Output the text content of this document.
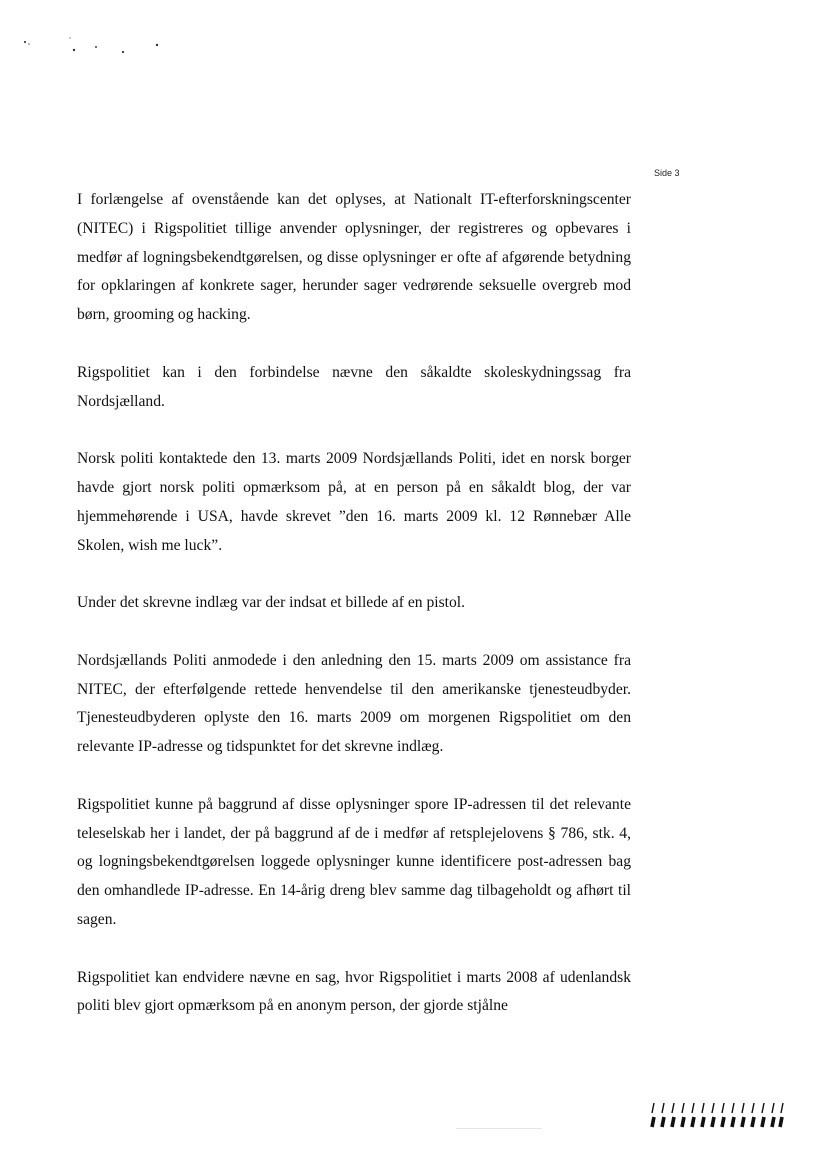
Side 3

I forlængelse af ovenstående kan det oplyses, at Nationalt IT-efterforskningscenter (NITEC) i Rigspolitiet tillige anvender oplysninger, der registreres og opbevares i medfør af logningsbekendtgørelsen, og disse oplysninger er ofte af afgørende betydning for opklaringen af konkrete sager, herunder sager vedrørende seksuelle overgreb mod børn, grooming og hacking.

Rigspolitiet kan i den forbindelse nævne den såkaldte skoleskydningssag fra Nordsjælland.

Norsk politi kontaktede den 13. marts 2009 Nordsjællands Politi, idet en norsk borger havde gjort norsk politi opmærksom på, at en person på en såkaldt blog, der var hjemmehørende i USA, havde skrevet ”den 16. marts 2009 kl. 12 Rønnebær Alle Skolen, wish me luck”.

Under det skrevne indlæg var der indsat et billede af en pistol.

Nordsjællands Politi anmodede i den anledning den 15. marts 2009 om assistance fra NITEC, der efterfølgende rettede henvendelse til den amerikanske tjenesteudbyder. Tjenesteudbyderen oplyste den 16. marts 2009 om morgenen Rigspolitiet om den relevante IP-adresse og tidspunktet for det skrevne indlæg.

Rigspolitiet kunne på baggrund af disse oplysninger spore IP-adressen til det relevante teleselskab her i landet, der på baggrund af de i medfør af retsplejelovens § 786, stk. 4, og logningsbekendtgørelsen loggede oplysninger kunne identificere post-adressen bag den omhandlede IP-adresse. En 14-årig dreng blev samme dag tilbageholdt og afhørt til sagen.

Rigspolitiet kan endvidere nævne en sag, hvor Rigspolitiet i marts 2008 af udenlandsk politi blev gjort opmærksom på en anonym person, der gjorde stjålne
